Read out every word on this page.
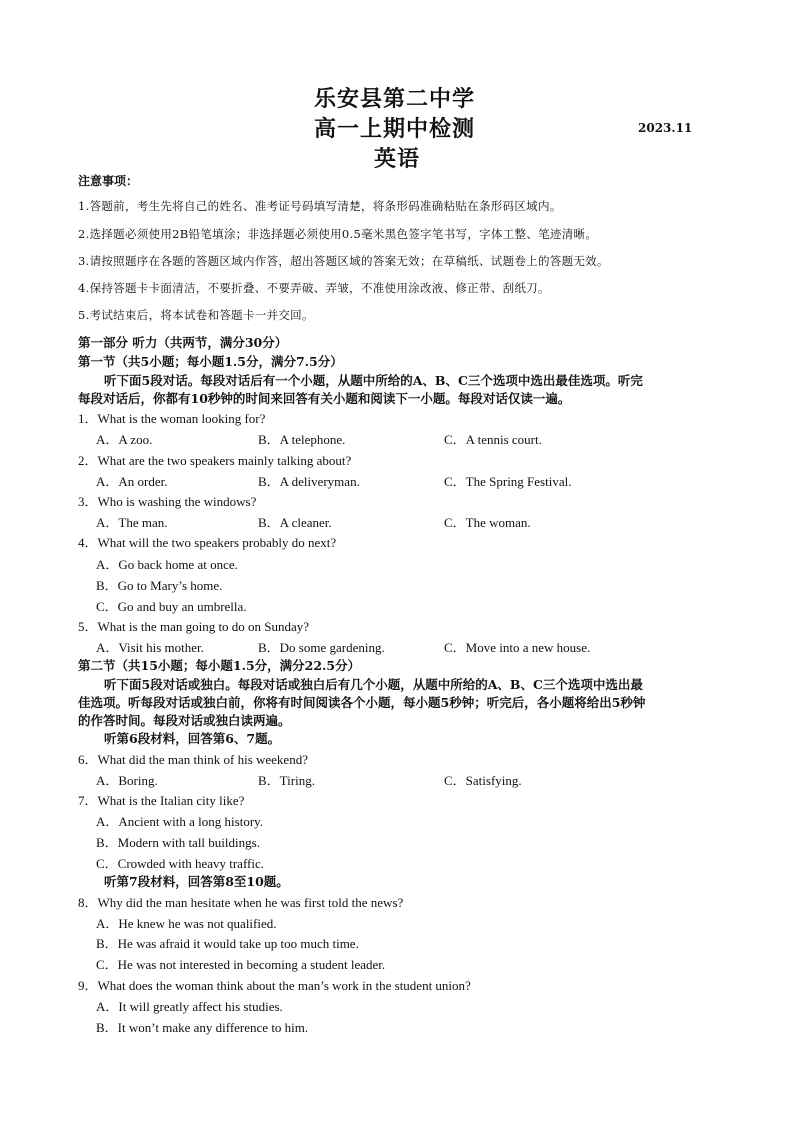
乐安县第二中学
高一上期中检测	2023.11
英语
注意事项：
1.答题前，考生先将自己的姓名、准考证号码填写清楚，将条形码准确粘贴在条形码区域内。
2.选择题必须使用2B铅笔填涂；非选择题必须使用0.5毫米黑色签字笔书写，字体工整、笔迹清晰。
3.请按照题序在各题的答题区域内作答，超出答题区域的答案无效；在草稿纸、试题卷上的答题无效。
4.保持答题卡卡面清洁，不要折叠、不要弄破、弄皱，不准使用涂改液、修正带、刮纸刀。
5.考试结束后，将本试卷和答题卡一并交回。
第一部分 听力（共两节，满分30分）
第一节（共5小题；每小题1.5分，满分7.5分）
听下面5段对话。每段对话后有一个小题，从题中所给的A、B、C三个选项中选出最佳选项。听完
每段对话后，你都有10秒钟的时间来回答有关小题和阅读下一小题。每段对话仅读一遍。
1．What is the woman looking for?
A．A zoo.	B．A telephone.	C．A tennis court.
2．What are the two speakers mainly talking about?
A．An order.	B．A deliveryman.	C．The Spring Festival.
3．Who is washing the windows?
A．The man.	B．A cleaner.	C．The woman.
4．What will the two speakers probably do next?
A．Go back home at once.
B．Go to Mary’s home.
C．Go and buy an umbrella.
5．What is the man going to do on Sunday?
A．Visit his mother.	B．Do some gardening.	C．Move into a new house.
第二节（共15小题；每小题1.5分，满分22.5分）
听下面5段对话或独白。每段对话或独白后有几个小题，从题中所给的A、B、C三个选项中选出最
佳选项。听每段对话或独白前，你将有时间阅读各个小题，每小题5秒钟；听完后，各小题将给出5秒钟
的作答时间。每段对话或独白读两遍。
听第6段材料，回答第6、7题。
6．What did the man think of his weekend?
A．Boring.	B．Tiring.	C．Satisfying.
7．What is the Italian city like?
A．Ancient with a long history.
B．Modern with tall buildings.
C．Crowded with heavy traffic.
听第7段材料，回答第8至10题。
8．Why did the man hesitate when he was first told the news?
A．He knew he was not qualified.
B．He was afraid it would take up too much time.
C．He was not interested in becoming a student leader.
9．What does the woman think about the man’s work in the student union?
A．It will greatly affect his studies.
B．It won’t make any difference to him.
